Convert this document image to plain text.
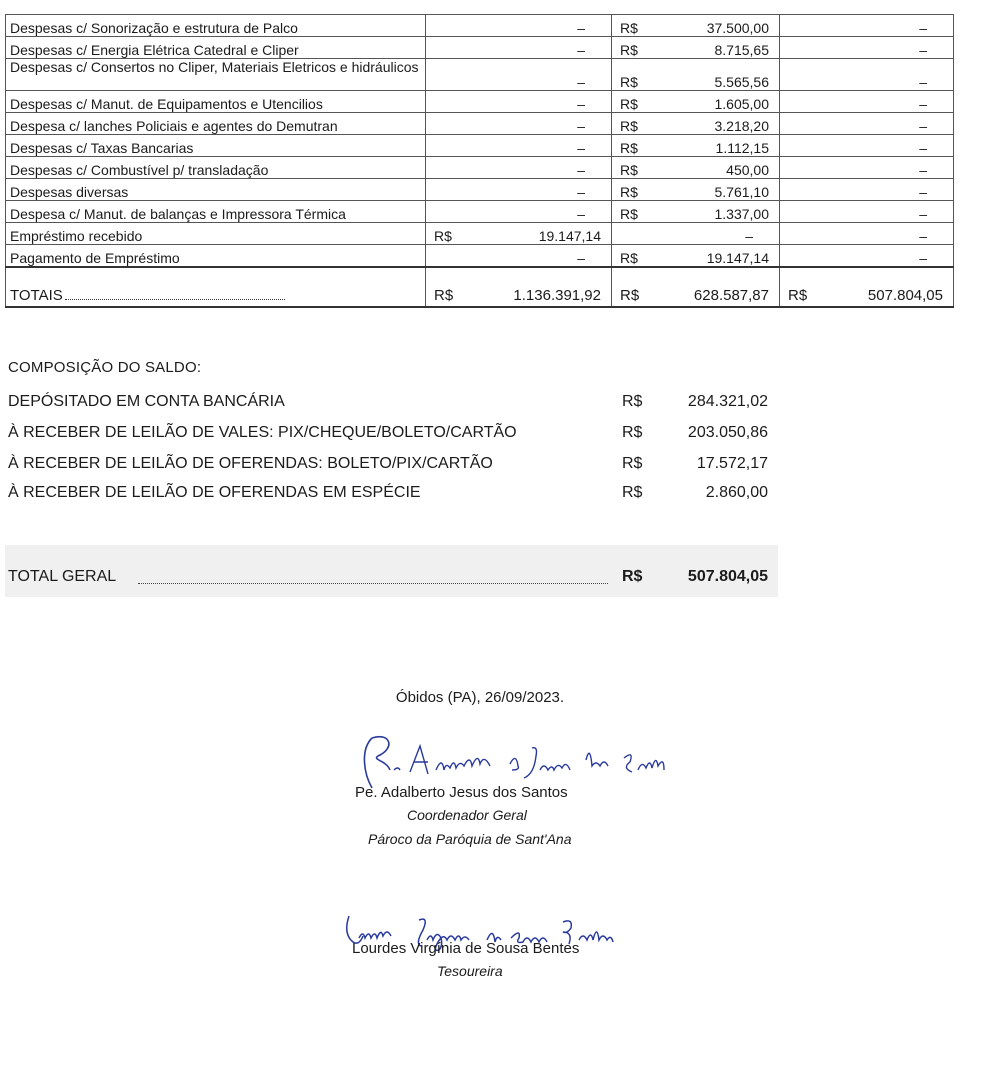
Despesas c/ Sonorização e estrutura de Palco	–	R$ 37.500,00	–

Despesas c/ Energia Elétrica Catedral e Cliper	–	R$ 8.715,65	–

Despesas c/ Consertos no Cliper, Materiais Eletricos e hidráulicos	–	R$ 5.565,56	–

Despesas c/ Manut. de Equipamentos e Utencilios	–	R$ 1.605,00	–

Despesa c/ lanches Policiais e agentes do Demutran	–	R$ 3.218,20	–

Despesas c/ Taxas Bancarias	–	R$ 1.112,15	–

Despesas c/ Combustível p/ transladação	–	R$ 450,00	–

Despesas diversas	–	R$ 5.761,10	–

Despesa c/ Manut. de balanças e Impressora Térmica	–	R$ 1.337,00	–

Empréstimo recebido	R$ 19.147,14	–	–

Pagamento de Empréstimo	–	R$ 19.147,14	–

TOTAIS	R$ 1.136.391,92	R$ 628.587,87	R$ 507.804,05
COMPOSIÇÃO DO SALDO:
DEPÓSITADO EM CONTA BANCÁRIA	R$	284.321,02
À RECEBER DE LEILÃO DE VALES: PIX/CHEQUE/BOLETO/CARTÃO	R$	203.050,86
À RECEBER DE LEILÃO DE OFERENDAS: BOLETO/PIX/CARTÃO	R$	17.572,17
À RECEBER DE LEILÃO DE OFERENDAS EM ESPÉCIE	R$	2.860,00
TOTAL GERAL	R$	507.804,05
Óbidos (PA), 26/09/2023.
Pe. Adalberto Jesus dos Santos
Coordenador Geral
Pároco da Paróquia de Sant'Ana
Lourdes Virgínia de Sousa Bentes
Tesoureira
